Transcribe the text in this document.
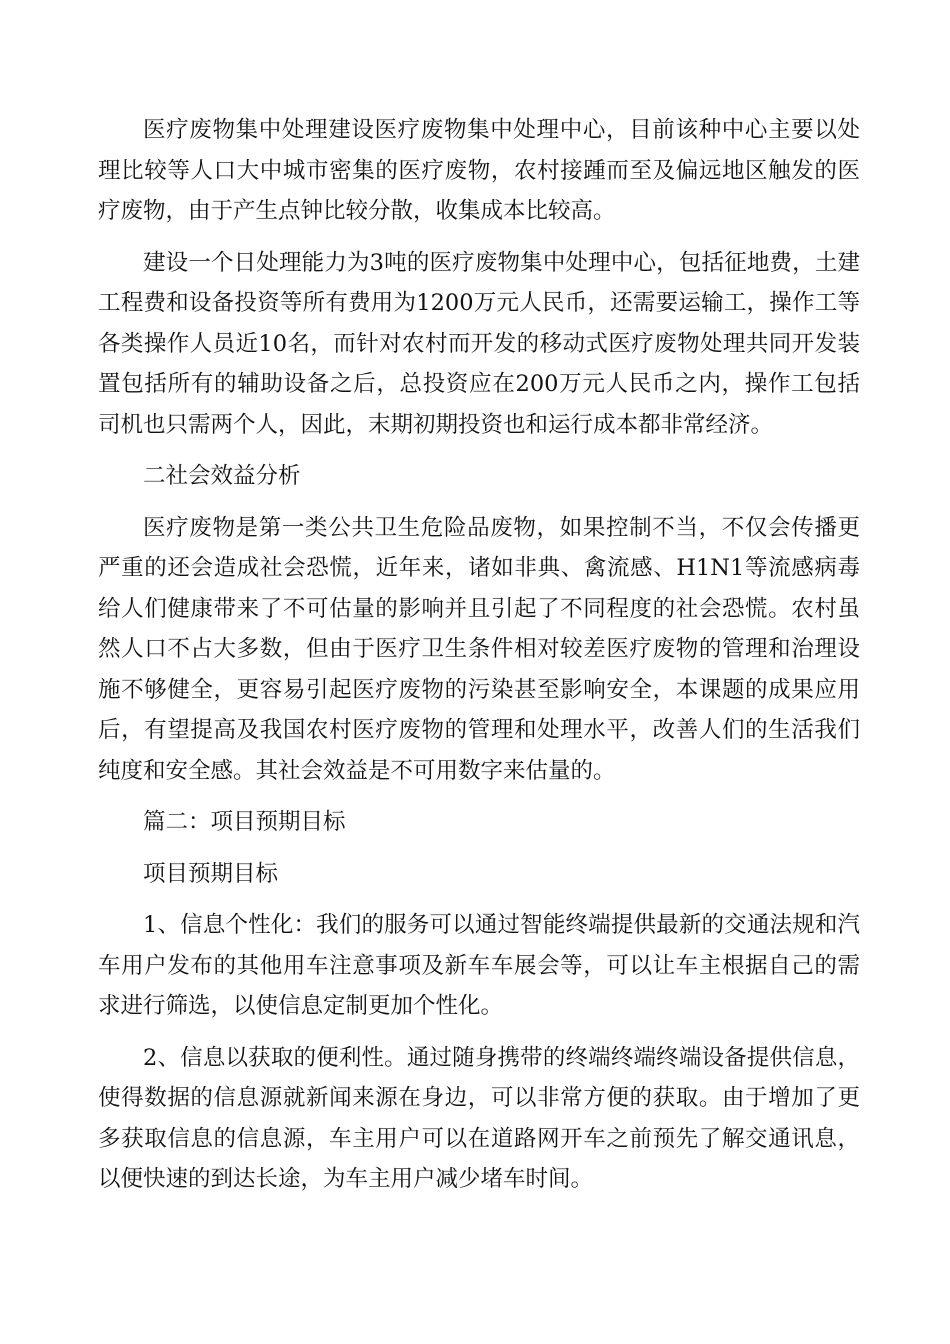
医疗废物集中处理建设医疗废物集中处理中心，目前该种中心主要以处理比较等人口大中城市密集的医疗废物，农村接踵而至及偏远地区触发的医疗废物，由于产生点钟比较分散，收集成本比较高。

建设一个日处理能力为3吨的医疗废物集中处理中心，包括征地费，土建工程费和设备投资等所有费用为1200万元人民币，还需要运输工，操作工等各类操作人员近10名，而针对农村而开发的移动式医疗废物处理共同开发装置包括所有的辅助设备之后，总投资应在200万元人民币之内，操作工包括司机也只需两个人，因此，末期初期投资也和运行成本都非常经济。

二社会效益分析

医疗废物是第一类公共卫生危险品废物，如果控制不当，不仅会传播更严重的还会造成社会恐慌，近年来，诸如非典、禽流感、H1N1等流感病毒给人们健康带来了不可估量的影响并且引起了不同程度的社会恐慌。农村虽然人口不占大多数，但由于医疗卫生条件相对较差医疗废物的管理和治理设施不够健全，更容易引起医疗废物的污染甚至影响安全，本课题的成果应用后，有望提高及我国农村医疗废物的管理和处理水平，改善人们的生活我们纯度和安全感。其社会效益是不可用数字来估量的。

篇二：项目预期目标

项目预期目标

1、信息个性化：我们的服务可以通过智能终端提供最新的交通法规和汽车用户发布的其他用车注意事项及新车车展会等，可以让车主根据自己的需求进行筛选，以使信息定制更加个性化。

2、信息以获取的便利性。通过随身携带的终端终端终端设备提供信息，使得数据的信息源就新闻来源在身边，可以非常方便的获取。由于增加了更多获取信息的信息源，车主用户可以在道路网开车之前预先了解交通讯息，以便快速的到达长途，为车主用户减少堵车时间。
